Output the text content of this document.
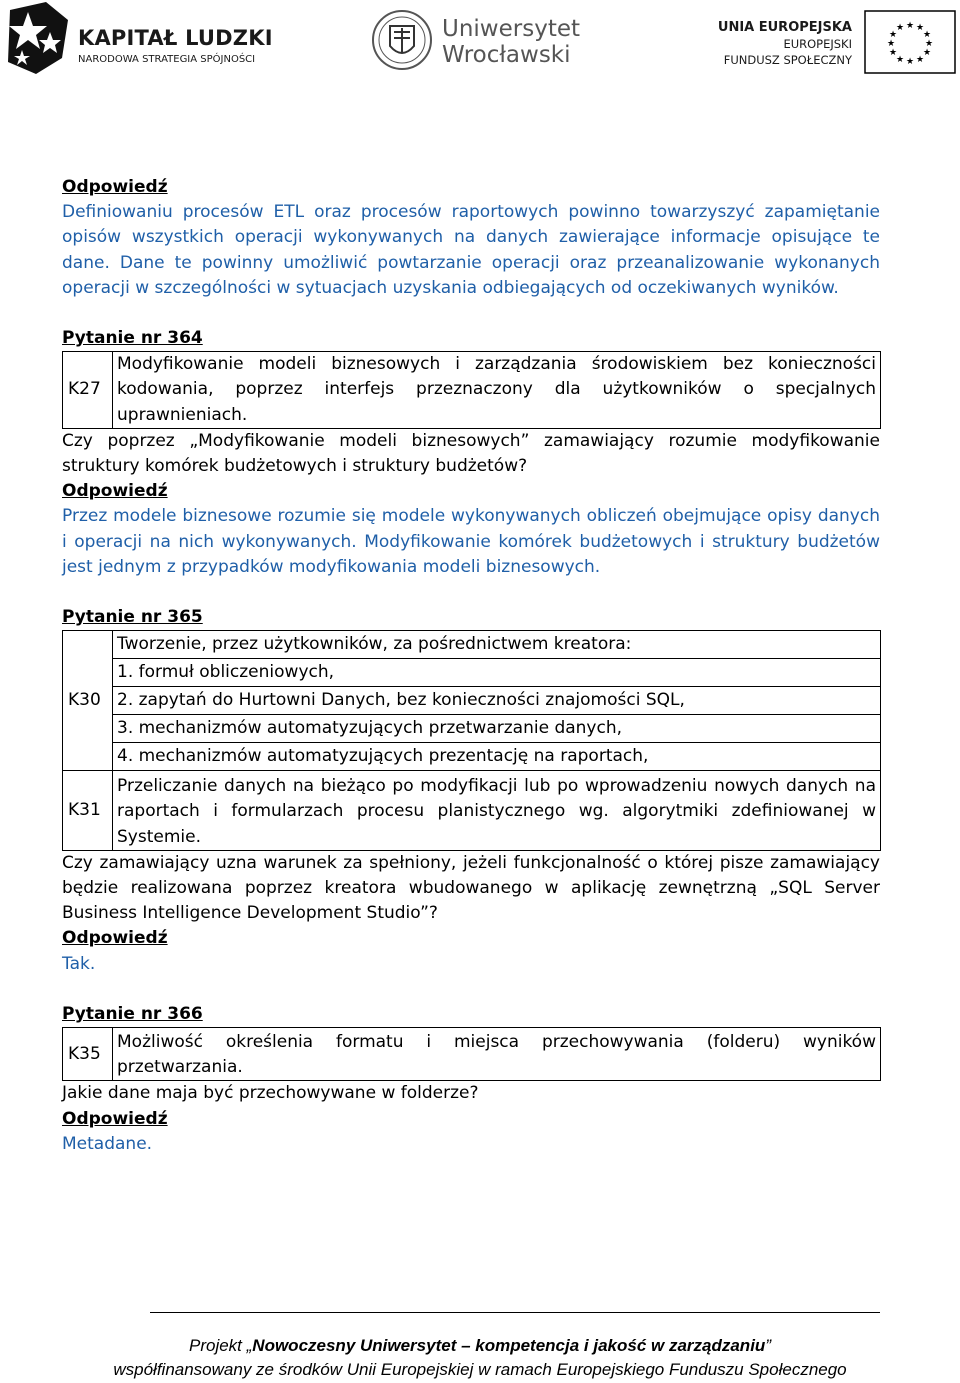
KAPITAŁ LUDZKI
NARODOWA STRATEGIA SPÓJNOŚCI
Uniwersytet
Wrocławski
UNIA EUROPEJSKA
EUROPEJSKI
FUNDUSZ SPOŁECZNY
★ ★
★
★
★
★
★
★
★
★
★
★
Odpowiedź
Definiowaniu procesów ETL oraz procesów raportowych powinno towarzyszyć zapamiętanie opisów wszystkich operacji wykonywanych na danych zawierające informacje opisujące te dane. Dane te powinny umożliwić powtarzanie operacji oraz przeanalizowanie wykonanych operacji w szczególności w sytuacjach uzyskania odbiegających od oczekiwanych wyników.
Pytanie nr 364
K27	Modyfikowanie modeli biznesowych i zarządzania środowiskiem bez konieczności kodowania, poprzez interfejs przeznaczony dla użytkowników o specjalnych uprawnieniach.
Czy poprzez „Modyfikowanie modeli biznesowych” zamawiający rozumie modyfikowanie struktury komórek budżetowych i struktury budżetów?
Odpowiedź
Przez modele biznesowe rozumie się modele wykonywanych obliczeń obejmujące opisy danych i operacji na nich wykonywanych. Modyfikowanie komórek budżetowych i struktury budżetów jest jednym z przypadków modyfikowania modeli biznesowych.
Pytanie nr 365
K30	Tworzenie, przez użytkowników, za pośrednictwem kreatora:
	1. formuł obliczeniowych,
	2. zapytań do Hurtowni Danych, bez konieczności znajomości SQL,
	3. mechanizmów automatyzujących przetwarzanie danych,
	4. mechanizmów automatyzujących prezentację na raportach,
K31	Przeliczanie danych na bieżąco po modyfikacji lub po wprowadzeniu nowych danych na raportach i formularzach procesu planistycznego wg. algorytmiki zdefiniowanej w Systemie.
Czy zamawiający uzna warunek za spełniony, jeżeli funkcjonalność o której pisze zamawiający będzie realizowana poprzez kreatora wbudowanego w aplikację zewnętrzną „SQL Server Business Intelligence Development Studio”?
Odpowiedź
Tak.
Pytanie nr 366
K35	Możliwość określenia formatu i miejsca przechowywania (folderu) wyników przetwarzania.
Jakie dane maja być przechowywane w folderze?
Odpowiedź
Metadane.
Projekt „Nowoczesny Uniwersytet – kompetencja i jakość w zarządzaniu”
współfinansowany ze środków Unii Europejskiej w ramach Europejskiego Funduszu Społecznego
